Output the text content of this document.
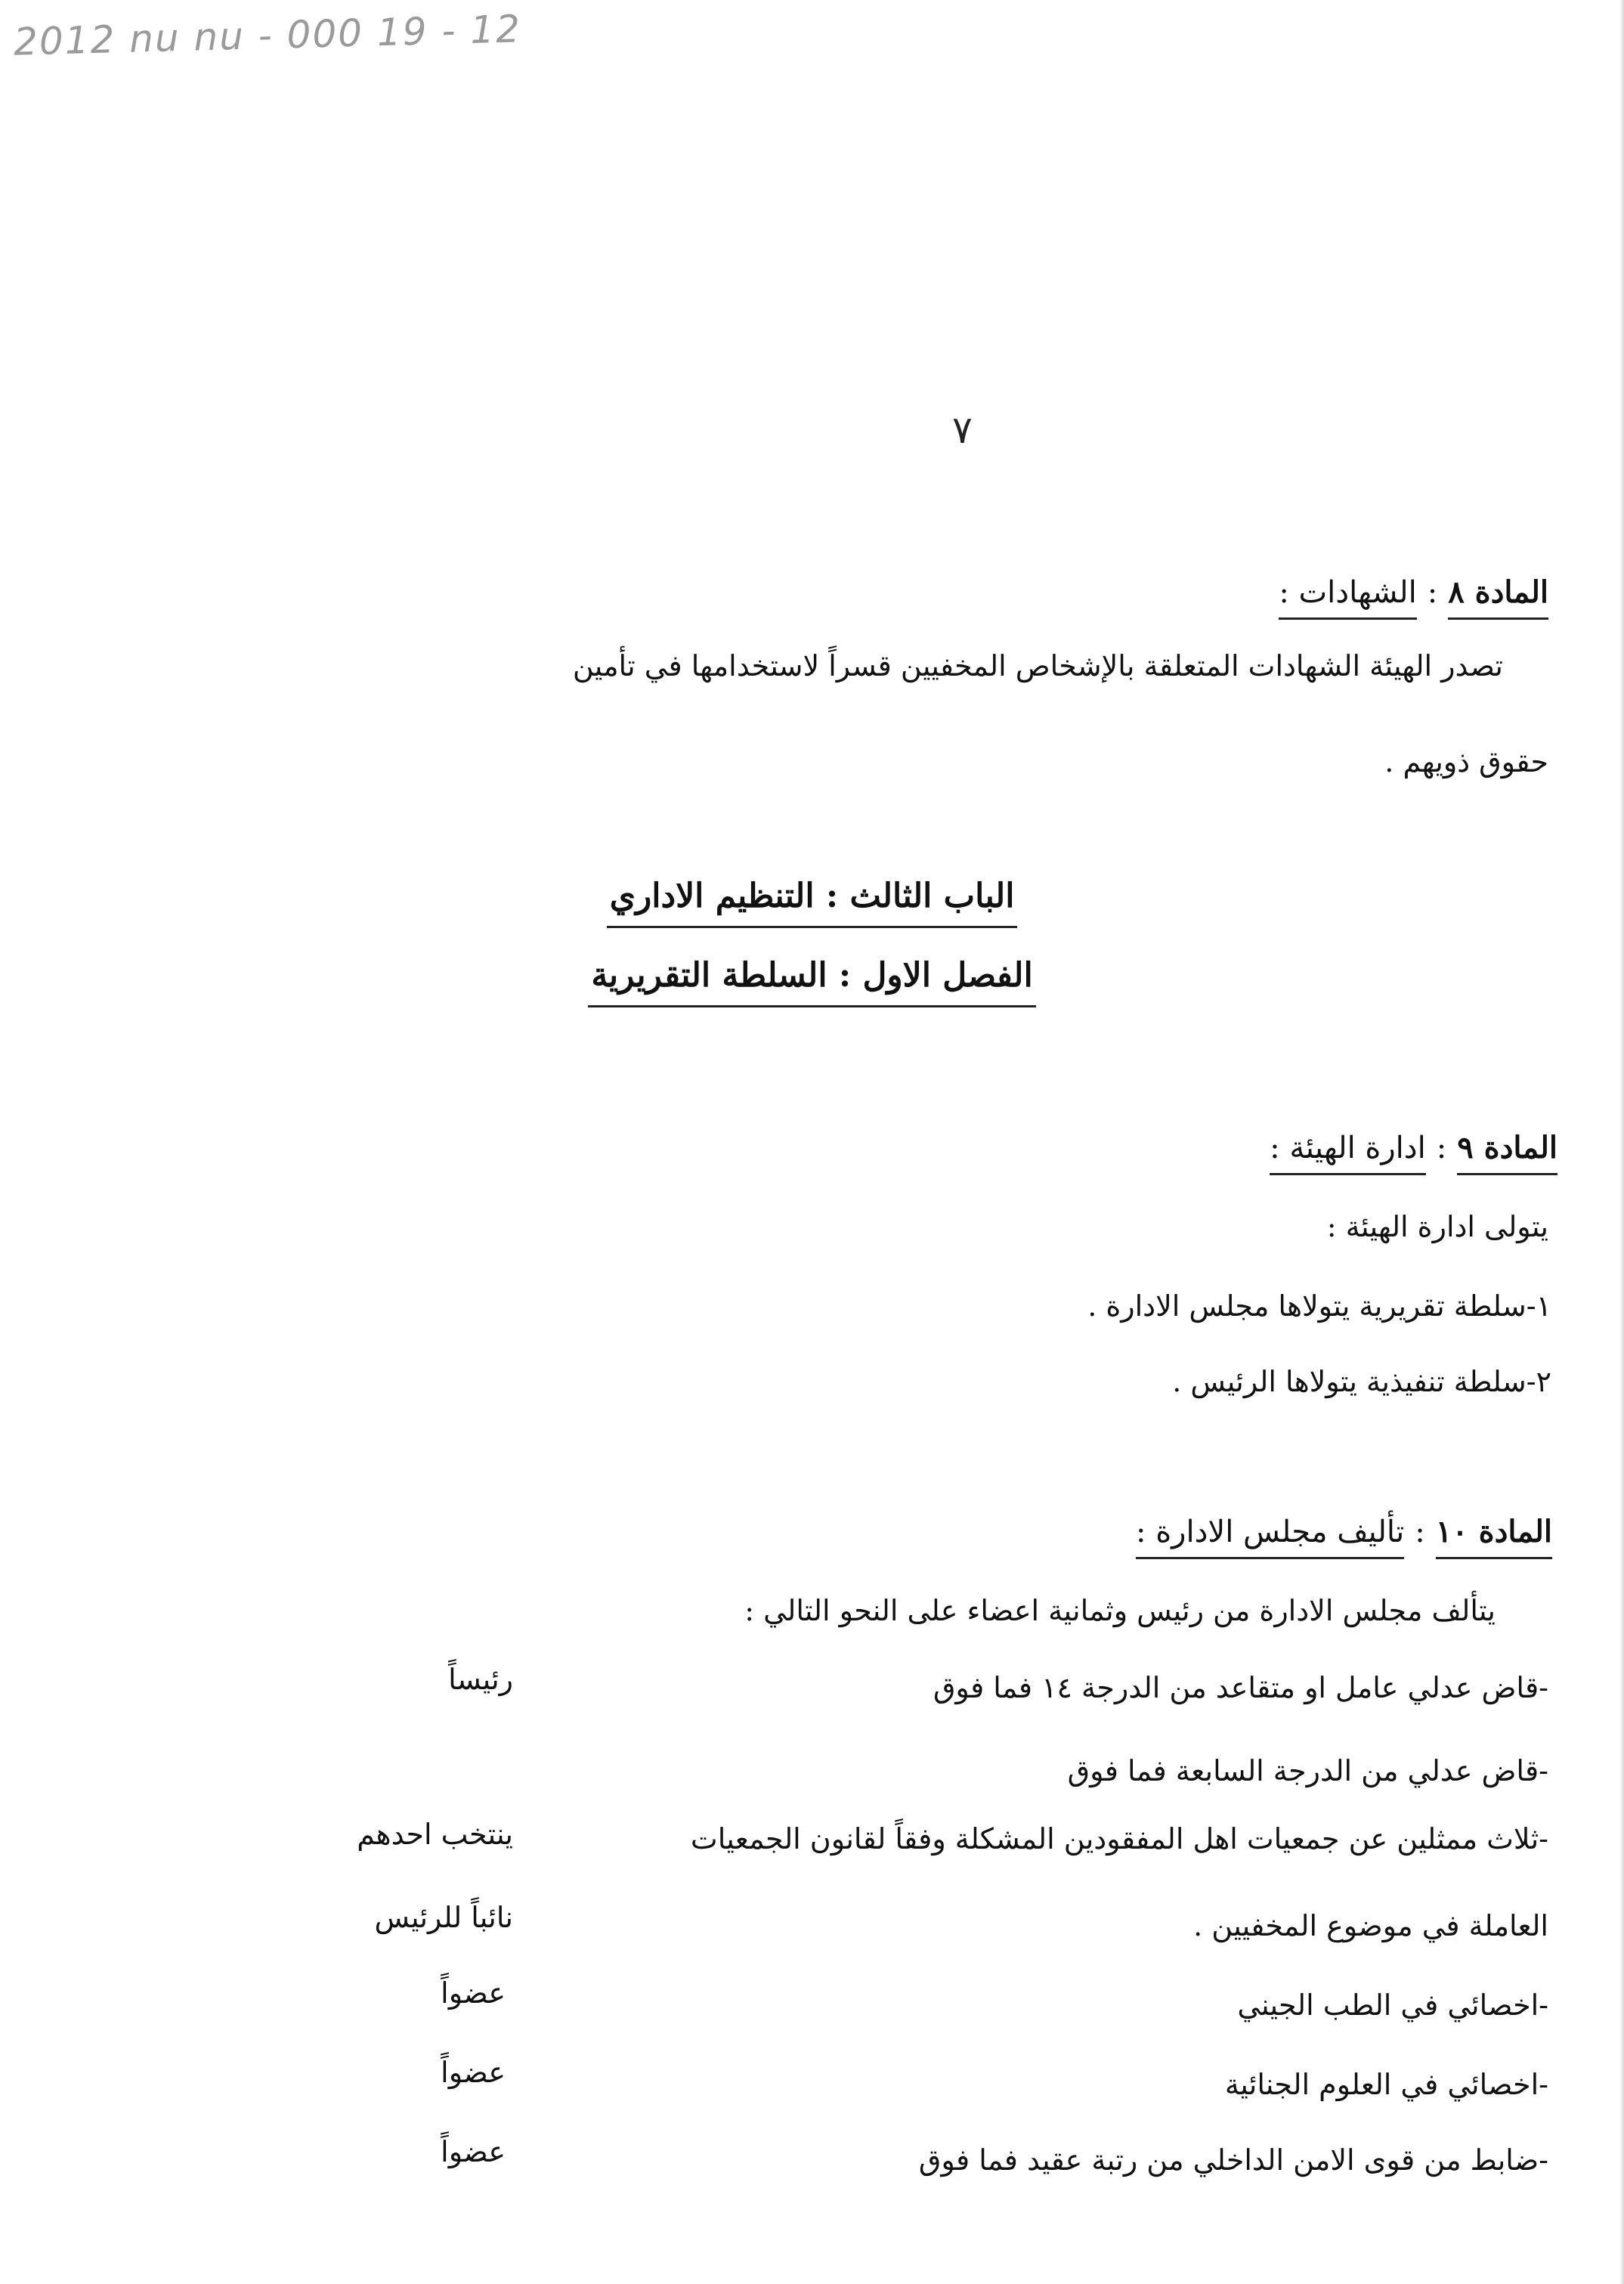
2012 nu nu - 000 19 - 12
٧
المادة ٨:الشهادات :
تصدر الهيئة الشهادات المتعلقة بالإشخاص المخفيين قسراً لاستخدامها في تأمين
حقوق ذويهم .
الباب الثالث : التنظيم الاداري
الفصل الاول : السلطة التقريرية
المادة ٩:ادارة الهيئة :
يتولى ادارة الهيئة :
١-سلطة تقريرية يتولاها مجلس الادارة .
٢-سلطة تنفيذية يتولاها الرئيس .
المادة ١٠:تأليف مجلس الادارة :
يتألف مجلس الادارة من رئيس وثمانية اعضاء على النحو التالي :
-قاض عدلي عامل او متقاعد من الدرجة ١٤ فما فوق
رئيساً
-قاض عدلي من الدرجة السابعة فما فوق
-ثلاث ممثلين عن جمعيات اهل المفقودين المشكلة وفقاً لقانون الجمعيات
ينتخب احدهم
العاملة في موضوع المخفيين .
نائباً للرئيس
-اخصائي في الطب الجيني
عضواً
-اخصائي في العلوم الجنائية
عضواً
-ضابط من قوى الامن الداخلي من رتبة عقيد فما فوق
عضواً
